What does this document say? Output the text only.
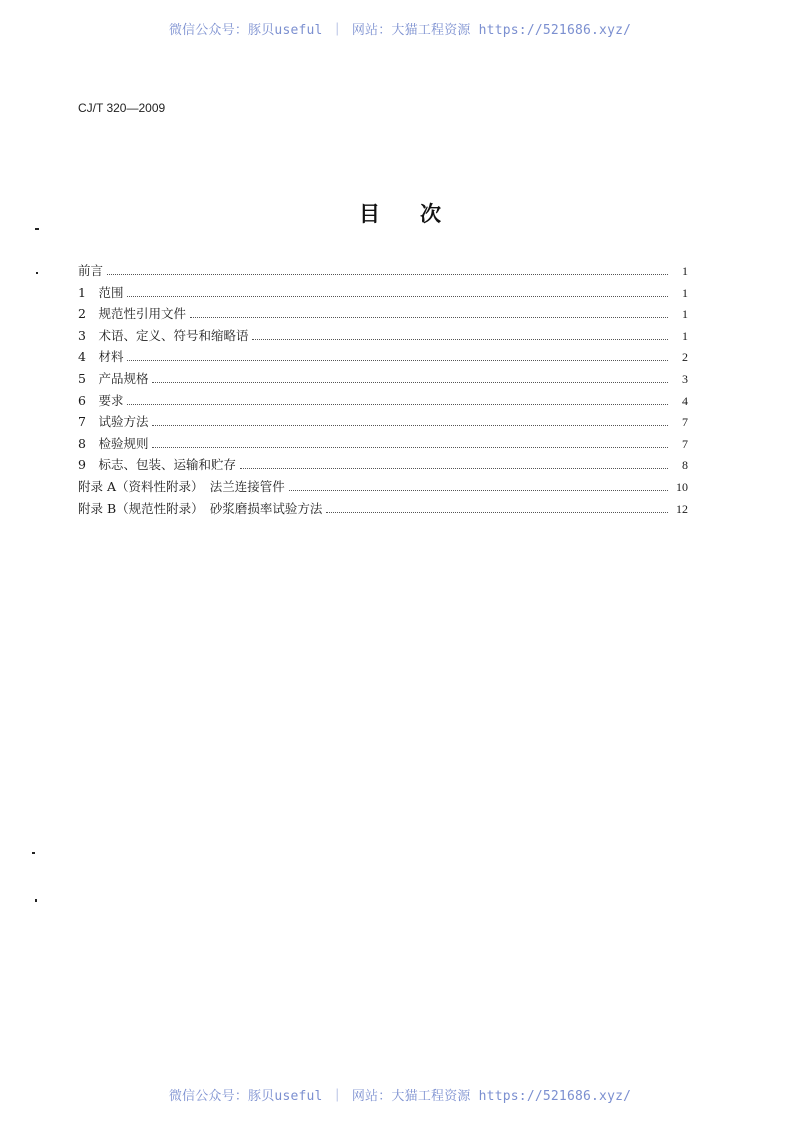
微信公众号：豚贝useful ｜ 网站：大猫工程资源 https://521686.xyz/
CJ/T 320—2009
目次
前言	1
1　范围	1
2　规范性引用文件	1
3　术语、定义、符号和缩略语	1
4　材料	2
5　产品规格	3
6　要求	4
7　试验方法	7
8　检验规则	7
9　标志、包装、运输和贮存	8
附录 A（资料性附录）　法兰连接管件	10
附录 B（规范性附录）　砂浆磨损率试验方法	12
微信公众号：豚贝useful ｜ 网站：大猫工程资源 https://521686.xyz/
